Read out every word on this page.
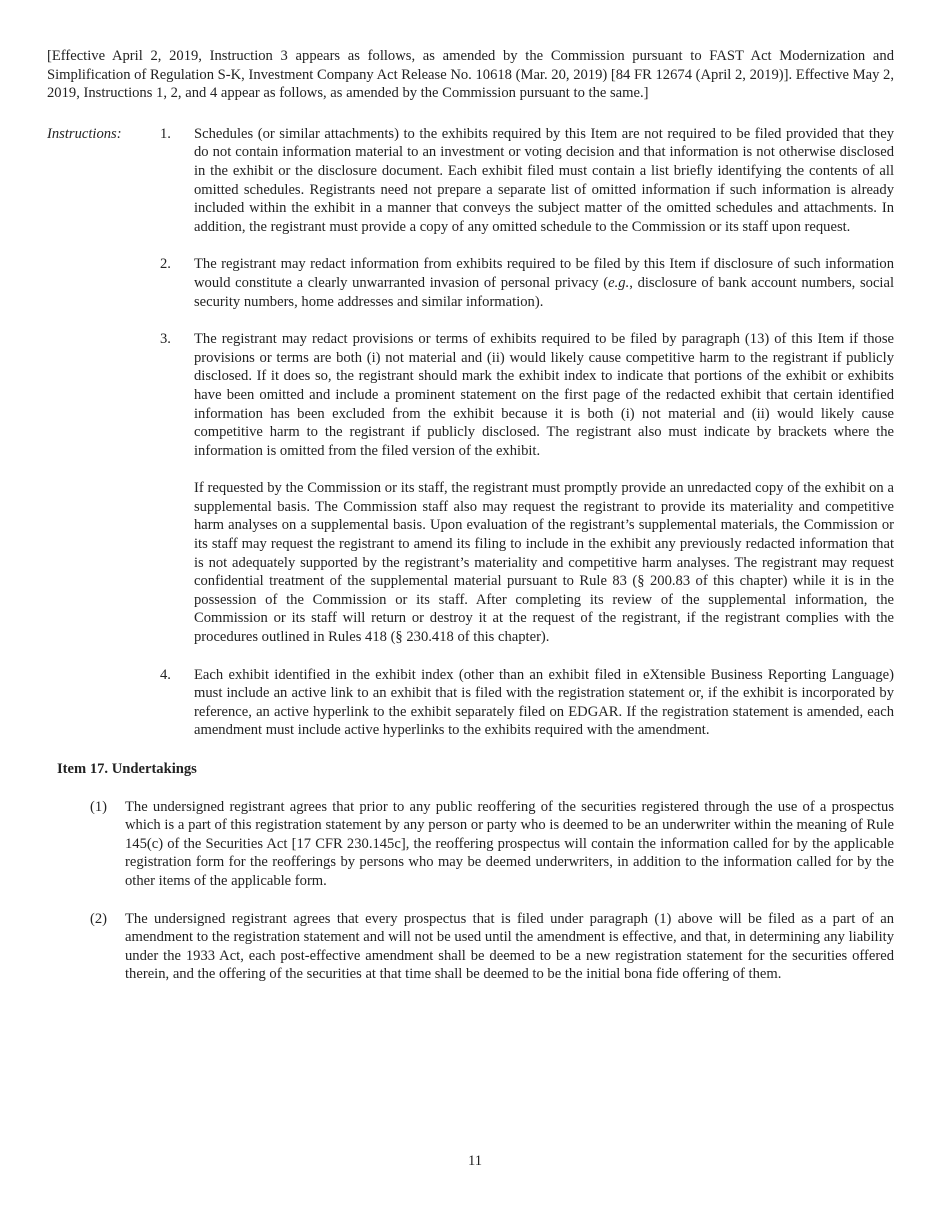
[Effective April 2, 2019, Instruction 3 appears as follows, as amended by the Commission pursuant to FAST Act Modernization and Simplification of Regulation S-K, Investment Company Act Release No. 10618 (Mar. 20, 2019) [84 FR 12674 (April 2, 2019)]. Effective May 2, 2019, Instructions 1, 2, and 4 appear as follows, as amended by the Commission pursuant to the same.]

Instructions:	1. Schedules (or similar attachments) to the exhibits required by this Item are not required to be filed provided that they do not contain information material to an investment or voting decision and that information is not otherwise disclosed in the exhibit or the disclosure document. Each exhibit filed must contain a list briefly identifying the contents of all omitted schedules. Registrants need not prepare a separate list of omitted information if such information is already included within the exhibit in a manner that conveys the subject matter of the omitted schedules and attachments. In addition, the registrant must provide a copy of any omitted schedule to the Commission or its staff upon request.

2. The registrant may redact information from exhibits required to be filed by this Item if disclosure of such information would constitute a clearly unwarranted invasion of personal privacy (e.g., disclosure of bank account numbers, social security numbers, home addresses and similar information).

3. The registrant may redact provisions or terms of exhibits required to be filed by paragraph (13) of this Item if those provisions or terms are both (i) not material and (ii) would likely cause competitive harm to the registrant if publicly disclosed. If it does so, the registrant should mark the exhibit index to indicate that portions of the exhibit or exhibits have been omitted and include a prominent statement on the first page of the redacted exhibit that certain identified information has been excluded from the exhibit because it is both (i) not material and (ii) would likely cause competitive harm to the registrant if publicly disclosed. The registrant also must indicate by brackets where the information is omitted from the filed version of the exhibit.

If requested by the Commission or its staff, the registrant must promptly provide an unredacted copy of the exhibit on a supplemental basis. The Commission staff also may request the registrant to provide its materiality and competitive harm analyses on a supplemental basis. Upon evaluation of the registrant’s supplemental materials, the Commission or its staff may request the registrant to amend its filing to include in the exhibit any previously redacted information that is not adequately supported by the registrant’s materiality and competitive harm analyses. The registrant may request confidential treatment of the supplemental material pursuant to Rule 83 (§ 200.83 of this chapter) while it is in the possession of the Commission or its staff. After completing its review of the supplemental information, the Commission or its staff will return or destroy it at the request of the registrant, if the registrant complies with the procedures outlined in Rules 418 (§ 230.418 of this chapter).

4. Each exhibit identified in the exhibit index (other than an exhibit filed in eXtensible Business Reporting Language) must include an active link to an exhibit that is filed with the registration statement or, if the exhibit is incorporated by reference, an active hyperlink to the exhibit separately filed on EDGAR. If the registration statement is amended, each amendment must include active hyperlinks to the exhibits required with the amendment.

Item 17. Undertakings
(1) The undersigned registrant agrees that prior to any public reoffering of the securities registered through the use of a prospectus which is a part of this registration statement by any person or party who is deemed to be an underwriter within the meaning of Rule 145(c) of the Securities Act [17 CFR 230.145c], the reoffering prospectus will contain the information called for by the applicable registration form for the reofferings by persons who may be deemed underwriters, in addition to the information called for by the other items of the applicable form.

(2) The undersigned registrant agrees that every prospectus that is filed under paragraph (1) above will be filed as a part of an amendment to the registration statement and will not be used until the amendment is effective, and that, in determining any liability under the 1933 Act, each post-effective amendment shall be deemed to be a new registration statement for the securities offered therein, and the offering of the securities at that time shall be deemed to be the initial bona fide offering of them.

11
